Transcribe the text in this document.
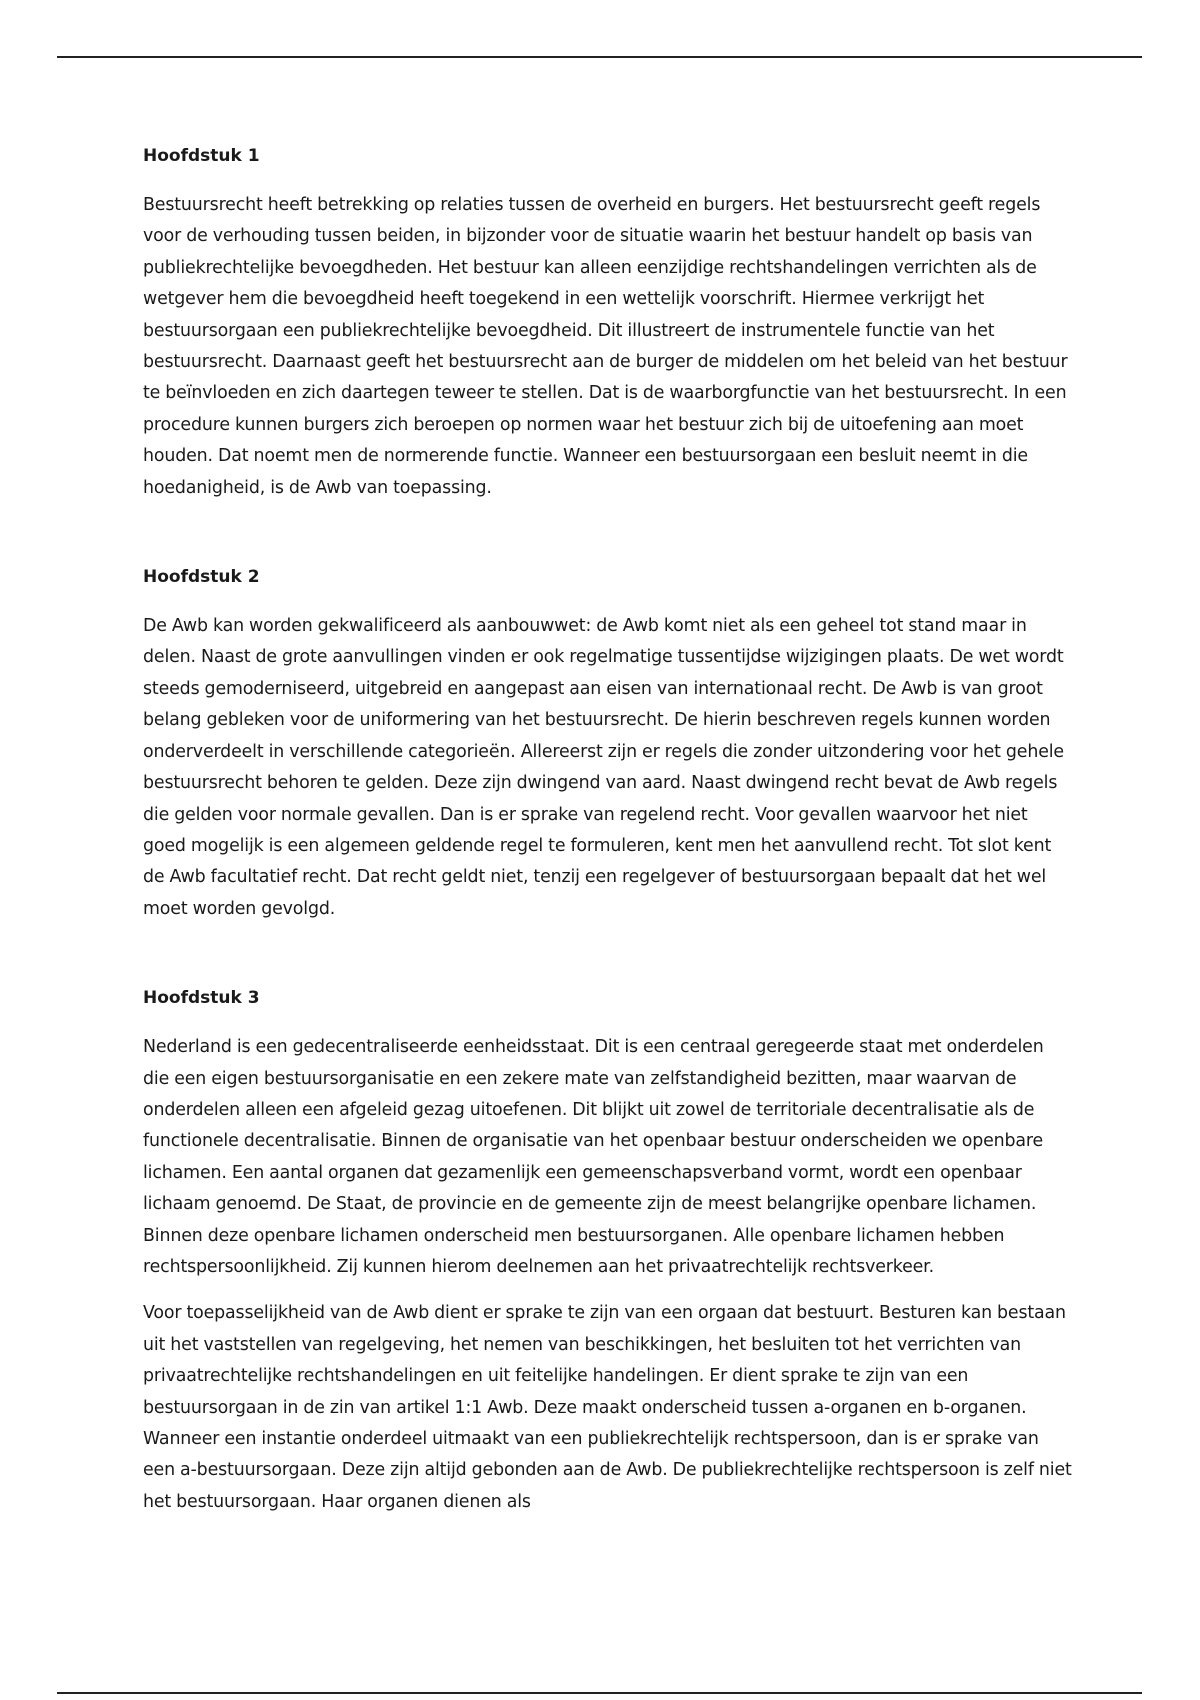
Hoofdstuk 1

Bestuursrecht heeft betrekking op relaties tussen de overheid en burgers. Het bestuursrecht geeft regels voor de verhouding tussen beiden, in bijzonder voor de situatie waarin het bestuur handelt op basis van publiekrechtelijke bevoegdheden. Het bestuur kan alleen eenzijdige rechtshandelingen verrichten als de wetgever hem die bevoegdheid heeft toegekend in een wettelijk voorschrift. Hiermee verkrijgt het bestuursorgaan een publiekrechtelijke bevoegdheid. Dit illustreert de instrumentele functie van het bestuursrecht. Daarnaast geeft het bestuursrecht aan de burger de middelen om het beleid van het bestuur te beïnvloeden en zich daartegen teweer te stellen. Dat is de waarborgfunctie van het bestuursrecht. In een procedure kunnen burgers zich beroepen op normen waar het bestuur zich bij de uitoefening aan moet houden. Dat noemt men de normerende functie. Wanneer een bestuursorgaan een besluit neemt in die hoedanigheid, is de Awb van toepassing.

Hoofdstuk 2

De Awb kan worden gekwalificeerd als aanbouwwet: de Awb komt niet als een geheel tot stand maar in delen. Naast de grote aanvullingen vinden er ook regelmatige tussentijdse wijzigingen plaats. De wet wordt steeds gemoderniseerd, uitgebreid en aangepast aan eisen van internationaal recht. De Awb is van groot belang gebleken voor de uniformering van het bestuursrecht. De hierin beschreven regels kunnen worden onderverdeelt in verschillende categorieën. Allereerst zijn er regels die zonder uitzondering voor het gehele bestuursrecht behoren te gelden. Deze zijn dwingend van aard. Naast dwingend recht bevat de Awb regels die gelden voor normale gevallen. Dan is er sprake van regelend recht. Voor gevallen waarvoor het niet goed mogelijk is een algemeen geldende regel te formuleren, kent men het aanvullend recht. Tot slot kent de Awb facultatief recht. Dat recht geldt niet, tenzij een regelgever of bestuursorgaan bepaalt dat het wel moet worden gevolgd.

Hoofdstuk 3

Nederland is een gedecentraliseerde eenheidsstaat. Dit is een centraal geregeerde staat met onderdelen die een eigen bestuursorganisatie en een zekere mate van zelfstandigheid bezitten, maar waarvan de onderdelen alleen een afgeleid gezag uitoefenen. Dit blijkt uit zowel de territoriale decentralisatie als de functionele decentralisatie. Binnen de organisatie van het openbaar bestuur onderscheiden we openbare lichamen. Een aantal organen dat gezamenlijk een gemeenschapsverband vormt, wordt een openbaar lichaam genoemd. De Staat, de provincie en de gemeente zijn de meest belangrijke openbare lichamen. Binnen deze openbare lichamen onderscheid men bestuursorganen. Alle openbare lichamen hebben rechtspersoonlijkheid. Zij kunnen hierom deelnemen aan het privaatrechtelijk rechtsverkeer.

Voor toepasselijkheid van de Awb dient er sprake te zijn van een orgaan dat bestuurt. Besturen kan bestaan uit het vaststellen van regelgeving, het nemen van beschikkingen, het besluiten tot het verrichten van privaatrechtelijke rechtshandelingen en uit feitelijke handelingen. Er dient sprake te zijn van een bestuursorgaan in de zin van artikel 1:1 Awb. Deze maakt onderscheid tussen a-organen en b-organen. Wanneer een instantie onderdeel uitmaakt van een publiekrechtelijk rechtspersoon, dan is er sprake van een a-bestuursorgaan. Deze zijn altijd gebonden aan de Awb. De publiekrechtelijke rechtspersoon is zelf niet het bestuursorgaan. Haar organen dienen als
